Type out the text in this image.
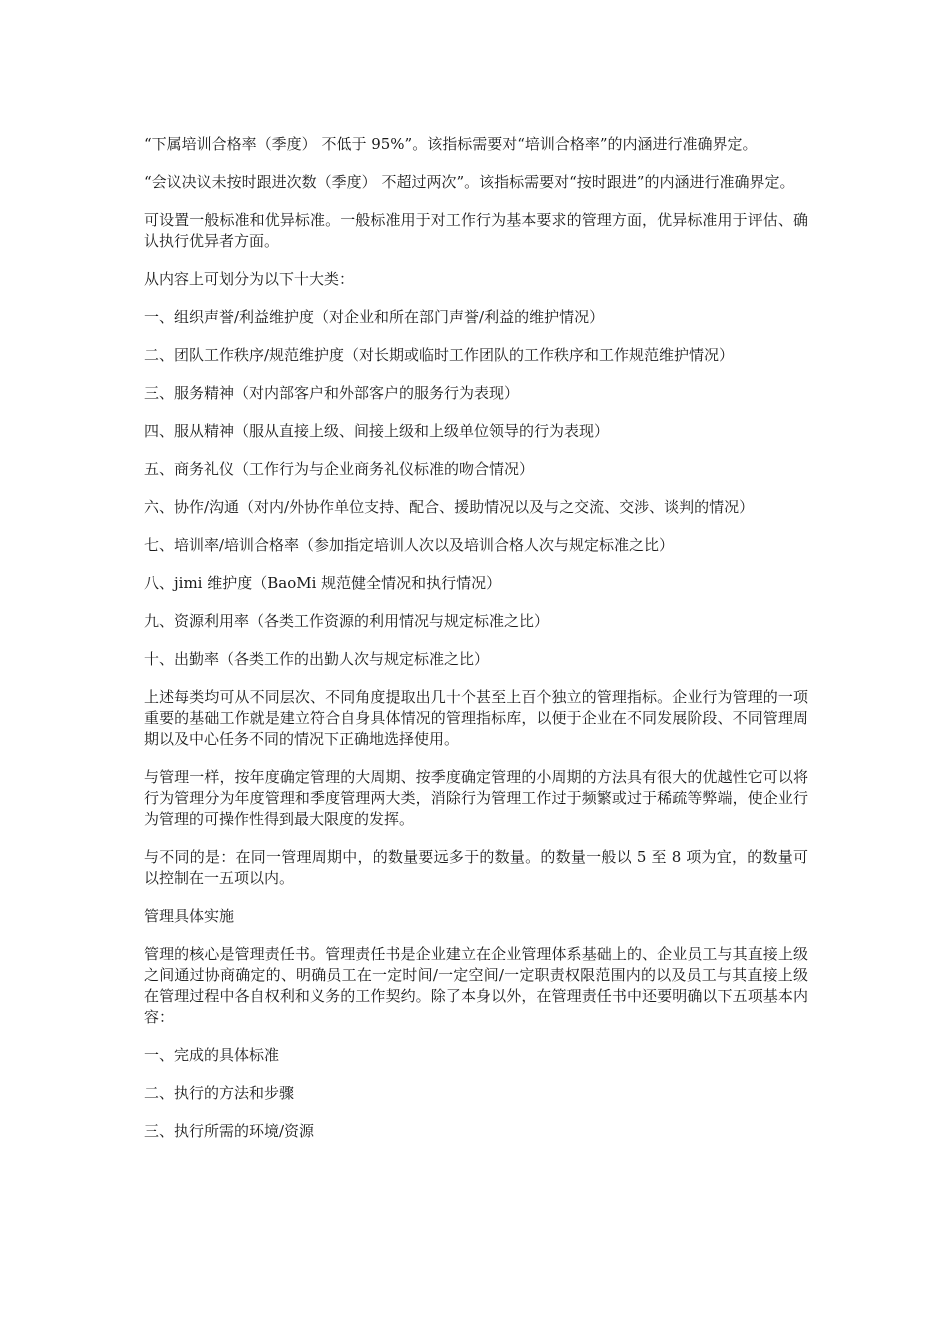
“下属培训合格率（季度） 不低于 95%”。该指标需要对“培训合格率”的内涵进行准确界定。

“会议决议未按时跟进次数（季度） 不超过两次”。该指标需要对“按时跟进”的内涵进行准确界定。

可设置一般标准和优异标准。一般标准用于对工作行为基本要求的管理方面，优异标准用于评估、确认执行优异者方面。

从内容上可划分为以下十大类：

一、组织声誉/利益维护度（对企业和所在部门声誉/利益的维护情况）

二、团队工作秩序/规范维护度（对长期或临时工作团队的工作秩序和工作规范维护情况）

三、服务精神（对内部客户和外部客户的服务行为表现）

四、服从精神（服从直接上级、间接上级和上级单位领导的行为表现）

五、商务礼仪（工作行为与企业商务礼仪标准的吻合情况）

六、协作/沟通（对内/外协作单位支持、配合、援助情况以及与之交流、交涉、谈判的情况）

七、培训率/培训合格率（参加指定培训人次以及培训合格人次与规定标准之比）

八、jimi 维护度（BaoMi 规范健全情况和执行情况）

九、资源利用率（各类工作资源的利用情况与规定标准之比）

十、出勤率（各类工作的出勤人次与规定标准之比）

上述每类均可从不同层次、不同角度提取出几十个甚至上百个独立的管理指标。企业行为管理的一项重要的基础工作就是建立符合自身具体情况的管理指标库，以便于企业在不同发展阶段、不同管理周期以及中心任务不同的情况下正确地选择使用。

与管理一样，按年度确定管理的大周期、按季度确定管理的小周期的方法具有很大的优越性它可以将行为管理分为年度管理和季度管理两大类，消除行为管理工作过于频繁或过于稀疏等弊端，使企业行为管理的可操作性得到最大限度的发挥。

与不同的是：在同一管理周期中，的数量要远多于的数量。的数量一般以 5 至 8 项为宜，的数量可以控制在一五项以内。

管理具体实施

管理的核心是管理责任书。管理责任书是企业建立在企业管理体系基础上的、企业员工与其直接上级之间通过协商确定的、明确员工在一定时间/一定空间/一定职责权限范围内的以及员工与其直接上级在管理过程中各自权利和义务的工作契约。除了本身以外，在管理责任书中还要明确以下五项基本内容：

一、完成的具体标准

二、执行的方法和步骤

三、执行所需的环境/资源
